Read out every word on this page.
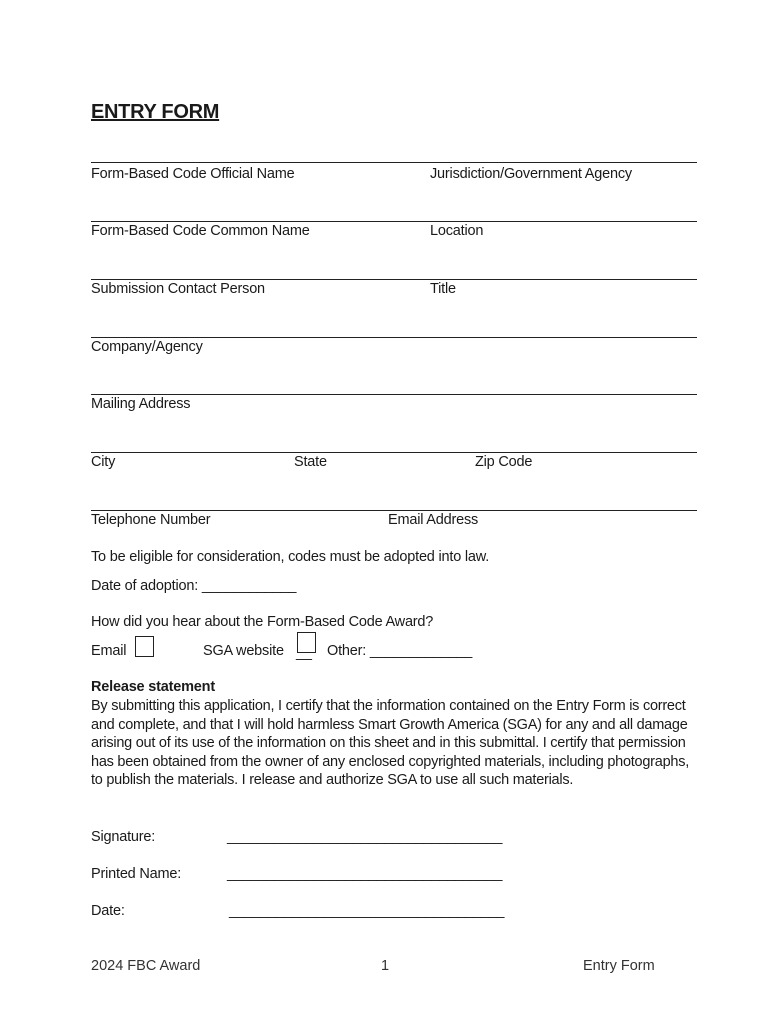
ENTRY FORM
Form-Based Code Official Name	Jurisdiction/Government Agency
Form-Based Code Common Name	Location
Submission Contact Person	Title
Company/Agency
Mailing Address
City	State	Zip Code
Telephone Number	Email Address
To be eligible for consideration, codes must be adopted into law.
Date of adoption: ____________
How did you hear about the Form-Based Code Award?
Email	SGA website __ Other: _____________
Release statement
By submitting this application, I certify that the information contained on the Entry Form is correct and complete, and that I will hold harmless Smart Growth America (SGA) for any and all damage arising out of its use of the information on this sheet and in this submittal. I certify that permission has been obtained from the owner of any enclosed copyrighted materials, including photographs, to publish the materials. I release and authorize SGA to use all such materials.
Signature:	___________________________________
Printed Name:	___________________________________
Date:	___________________________________
2024 FBC Award	1	Entry Form
